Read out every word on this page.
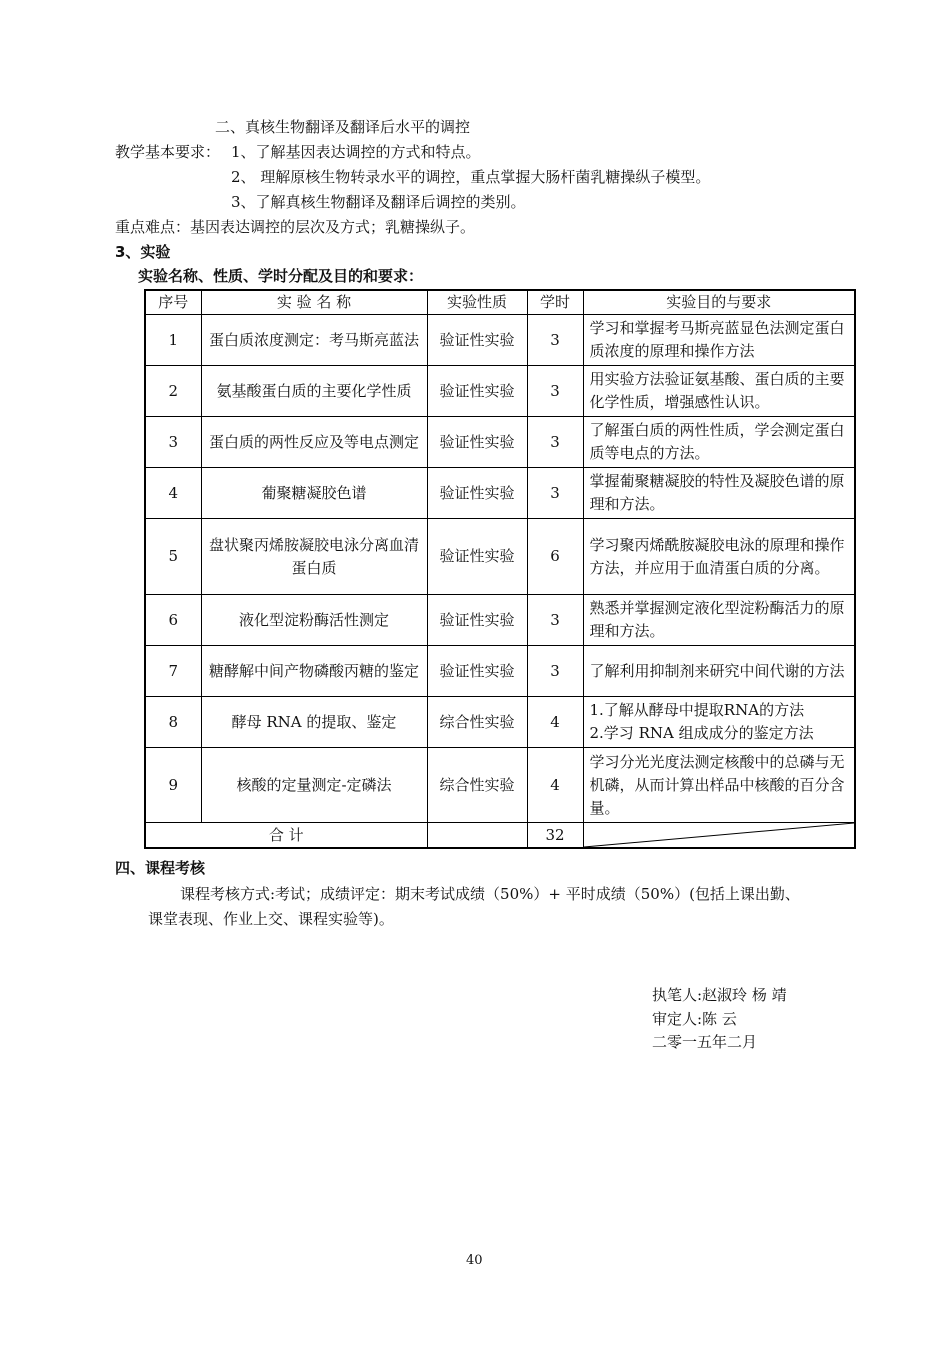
二、真核生物翻译及翻译后水平的调控
教学基本要求： 1、了解基因表达调控的方式和特点。
2、 理解原核生物转录水平的调控，重点掌握大肠杆菌乳糖操纵子模型。
3、了解真核生物翻译及翻译后调控的类别。
重点难点：基因表达调控的层次及方式；乳糖操纵子。
3、实验
实验名称、性质、学时分配及目的和要求：
序号	实 验 名 称	实验性质	学时	实验目的与要求
1	蛋白质浓度测定：考马斯亮蓝法	验证性实验	3	学习和掌握考马斯亮蓝显色法测定蛋白质浓度的原理和操作方法
2	氨基酸蛋白质的主要化学性质	验证性实验	3	用实验方法验证氨基酸、蛋白质的主要化学性质，增强感性认识。
3	蛋白质的两性反应及等电点测定	验证性实验	3	了解蛋白质的两性性质，学会测定蛋白质等电点的方法。
4	葡聚糖凝胶色谱	验证性实验	3	掌握葡聚糖凝胶的特性及凝胶色谱的原理和方法。
5	盘状聚丙烯胺凝胶电泳分离血清蛋白质	验证性实验	6	学习聚丙烯酰胺凝胶电泳的原理和操作方法，并应用于血清蛋白质的分离。
6	液化型淀粉酶活性测定	验证性实验	3	熟悉并掌握测定液化型淀粉酶活力的原理和方法。
7	糖酵解中间产物磷酸丙糖的鉴定	验证性实验	3	了解利用抑制剂来研究中间代谢的方法
8	酵母 RNA 的提取、鉴定	综合性实验	4	1.了解从酵母中提取RNA的方法
2.学习 RNA 组成成分的鉴定方法
9	核酸的定量测定-定磷法	综合性实验	4	学习分光光度法测定核酸中的总磷与无机磷，从而计算出样品中核酸的百分含量。
合 计			32	
四、课程考核
课程考核方式:考试；成绩评定：期末考试成绩（50%）+ 平时成绩（50%）(包括上课出勤、
课堂表现、作业上交、课程实验等)。
执笔人:赵淑玲 杨 靖
审定人:陈 云
二零一五年二月
40
